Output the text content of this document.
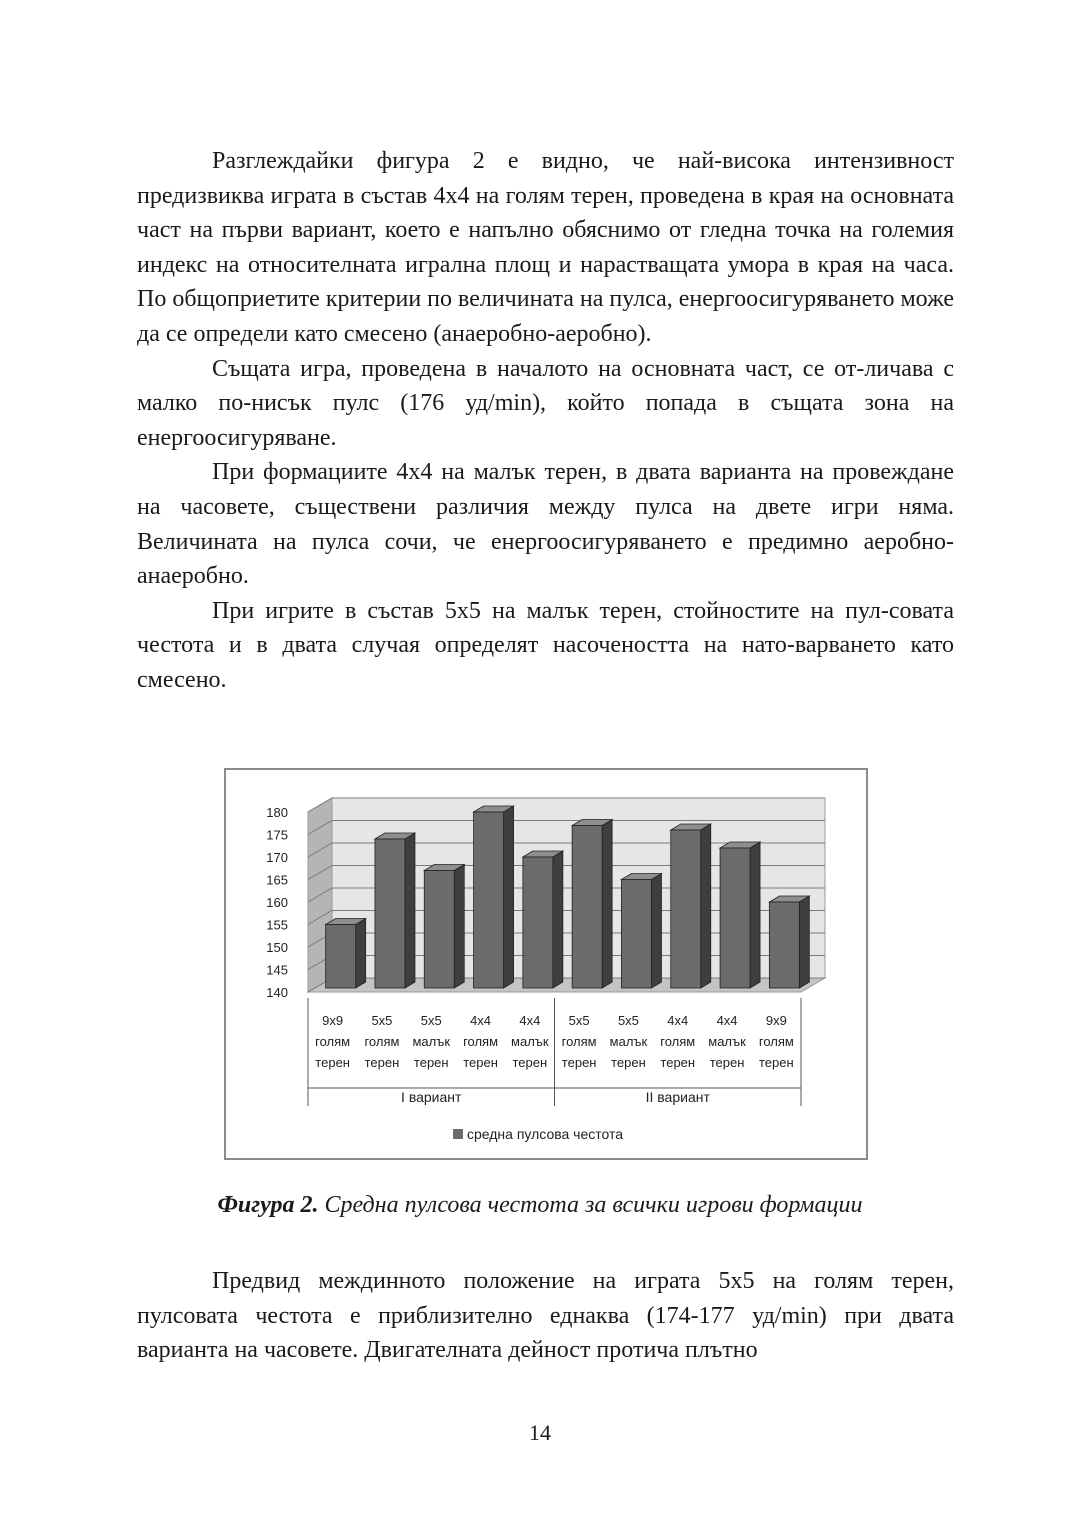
Разглеждайки фигура 2 е видно, че най-висока интензивност предизвиква играта в състав 4х4 на голям терен, проведена в края на основната част на първи вариант, което е напълно обяснимо от гледна точка на големия индекс на относителната игрална площ и нарастващата умора в края на часа. По общоприетите критерии по величината на пулса, енергоосигуряването може да се определи като смесено (анаеробно-аеробно).

Същата игра, проведена в началото на основната част, се от-личава с малко по-нисък пулс (176 уд/min), който попада в същата зона на енергоосигуряване.

При формациите 4х4 на малък терен, в двата варианта на провеждане на часовете, съществени различия между пулса на двете игри няма. Величината на пулса сочи, че енергоосигуряването е предимно аеробно-анаеробно.

При игрите в състав 5х5 на малък терен, стойностите на пул-совата честота и в двата случая определят насочеността на нато-варването като смесено.

140
145
150
155
160
165
170
175
180
I вариант	II вариант
9x9
голям
терен
5x5
голям
терен
5x5
малък
терен
4x4
голям
терен
4x4
малък
терен
5x5
голям
терен
5x5
малък
терен
4x4
голям
терен
4x4
малък
терен
9x9
голям
терен
средна пулсова честота
Фигура 2. Средна пулсова честота за всички игрови формации

Предвид междинното положение на играта 5х5 на голям терен, пулсовата честота е приблизително еднаква (174-177 уд/min) при двата варианта на часовете. Двигателната дейност протича плътно

14
